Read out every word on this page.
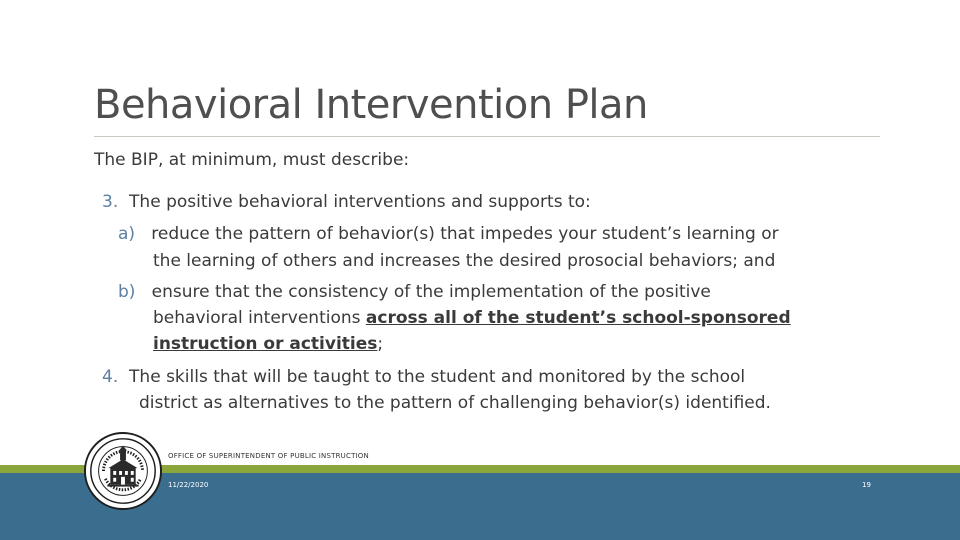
Behavioral Intervention Plan
The BIP, at minimum, must describe:
3. The positive behavioral interventions and supports to:
a) reduce the pattern of behavior(s) that impedes your student’s learning or
the learning of others and increases the desired prosocial behaviors; and
b) ensure that the consistency of the implementation of the positive
behavioral interventions across all of the student’s school-sponsored
instruction or activities;
4. The skills that will be taught to the student and monitored by the school
district as alternatives to the pattern of challenging behavior(s) identified.
OFFICE OF SUPERINTENDENT OF PUBLIC INSTRUCTION
11/22/2020	19
